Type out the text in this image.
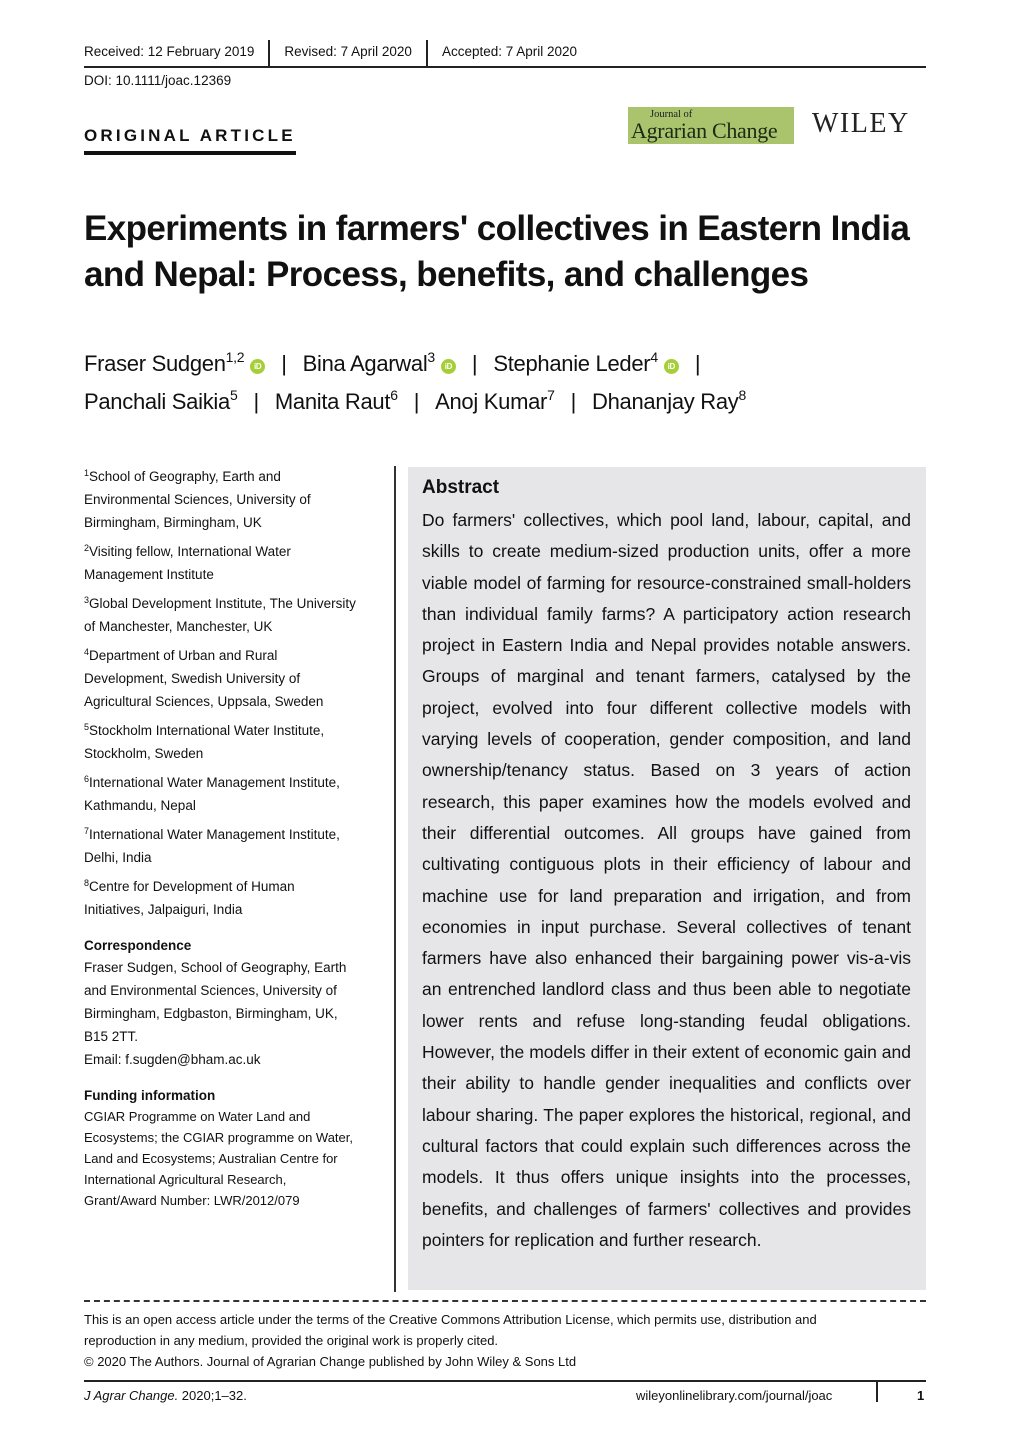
Received: 12 February 2019	Revised: 7 April 2020	Accepted: 7 April 2020
DOI: 10.1111/joac.12369
ORIGINAL ARTICLE
Journal of
Agrarian Change WILEY
Experiments in farmers' collectives in Eastern India and Nepal: Process, benefits, and challenges
Fraser Sudgen$^{1,2}$iD | Bina Agarwal$^3$iD | Stephanie Leder$^4$iD |
Panchali Saikia$^5$ | Manita Raut$^6$ | Anoj Kumar$^7$ | Dhananjay Ray$^8$
$^1$School of Geography, Earth and
Environmental Sciences, University of
Birmingham, Birmingham, UK
$^2$Visiting fellow, International Water
Management Institute
$^3$Global Development Institute, The University
of Manchester, Manchester, UK
$^4$Department of Urban and Rural
Development, Swedish University of
Agricultural Sciences, Uppsala, Sweden
$^5$Stockholm International Water Institute,
Stockholm, Sweden
$^6$International Water Management Institute,
Kathmandu, Nepal
$^7$International Water Management Institute,
Delhi, India
$^8$Centre for Development of Human
Initiatives, Jalpaiguri, India
Correspondence
Fraser Sudgen, School of Geography, Earth
and Environmental Sciences, University of
Birmingham, Edgbaston, Birmingham, UK,
B15 2TT.
Email: f.sugden@bham.ac.uk
Funding information
CGIAR Programme on Water Land and
Ecosystems; the CGIAR programme on Water,
Land and Ecosystems; Australian Centre for
International Agricultural Research,
Grant/Award Number: LWR/2012/079
Abstract
Do farmers' collectives, which pool land, labour, capital, and skills to create medium-sized production units, offer a more viable model of farming for resource-constrained small-holders than individual family farms? A participatory action research project in Eastern India and Nepal provides notable answers. Groups of marginal and tenant farmers, catalysed by the project, evolved into four different collective models with varying levels of cooperation, gender composition, and land ownership/tenancy status. Based on 3 years of action research, this paper examines how the models evolved and their differential outcomes. All groups have gained from cultivating contiguous plots in their efficiency of labour and machine use for land preparation and irrigation, and from economies in input purchase. Several collectives of tenant farmers have also enhanced their bargaining power vis-a-vis an entrenched landlord class and thus been able to negotiate lower rents and refuse long-standing feudal obligations. However, the models differ in their extent of economic gain and their ability to handle gender inequalities and conflicts over labour sharing. The paper explores the historical, regional, and cultural factors that could explain such differences across the models. It thus offers unique insights into the processes, benefits, and challenges of farmers' collectives and provides pointers for replication and further research.
This is an open access article under the terms of the Creative Commons Attribution License, which permits use, distribution and
reproduction in any medium, provided the original work is properly cited.
© 2020 The Authors. Journal of Agrarian Change published by John Wiley & Sons Ltd
J Agrar Change. 2020;1–32.	wileyonlinelibrary.com/journal/joac	1
